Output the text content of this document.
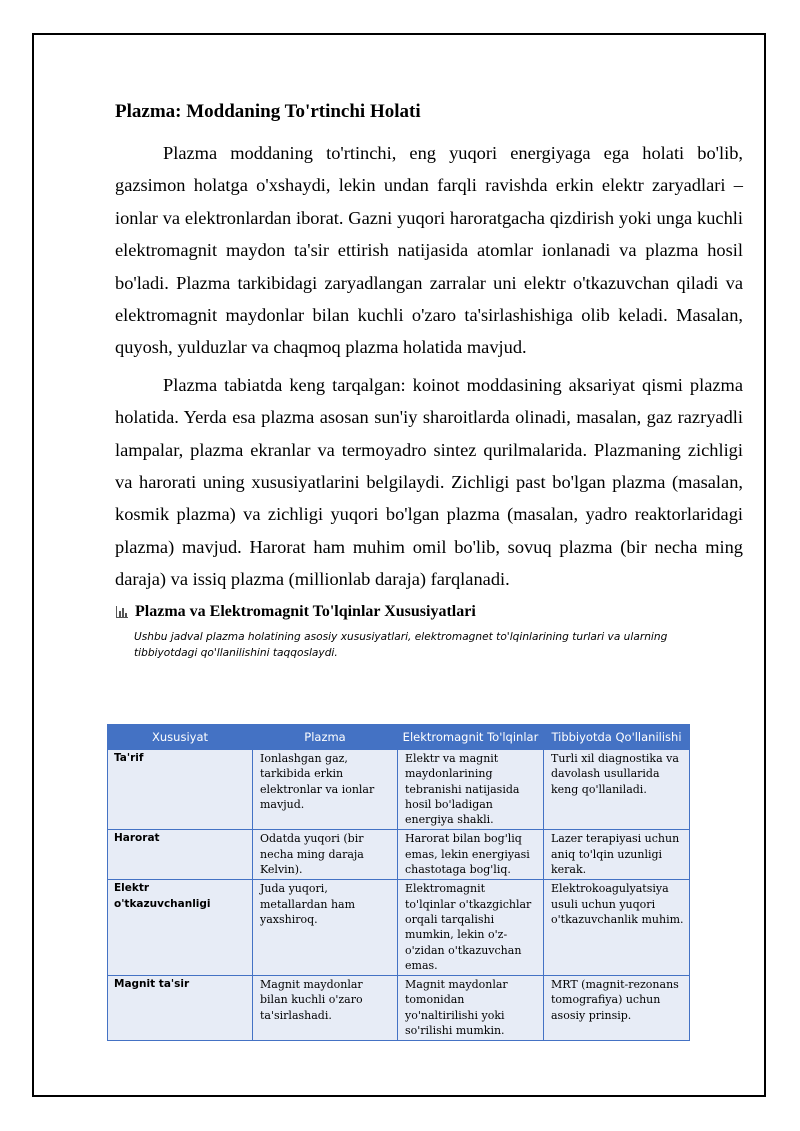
Plazma: Moddaning To'rtinchi Holati

Plazma moddaning to'rtinchi, eng yuqori energiyaga ega holati bo'lib, gazsimon holatga o'xshaydi, lekin undan farqli ravishda erkin elektr zaryadlari – ionlar va elektronlardan iborat. Gazni yuqori haroratgacha qizdirish yoki unga kuchli elektromagnit maydon ta'sir ettirish natijasida atomlar ionlanadi va plazma hosil bo'ladi. Plazma tarkibidagi zaryadlangan zarralar uni elektr o'tkazuvchan qiladi va elektromagnit maydonlar bilan kuchli o'zaro ta'sirlashishiga olib keladi. Masalan, quyosh, yulduzlar va chaqmoq plazma holatida mavjud.

Plazma tabiatda keng tarqalgan: koinot moddasining aksariyat qismi plazma holatida. Yerda esa plazma asosan sun'iy sharoitlarda olinadi, masalan, gaz razryadli lampalar, plazma ekranlar va termoyadro sintez qurilmalarida. Plazmaning zichligi va harorati uning xususiyatlarini belgilaydi. Zichligi past bo'lgan plazma (masalan, kosmik plazma) va zichligi yuqori bo'lgan plazma (masalan, yadro reaktorlaridagi plazma) mavjud. Harorat ham muhim omil bo'lib, sovuq plazma (bir necha ming daraja) va issiq plazma (millionlab daraja) farqlanadi.

Plazma va Elektromagnit To'lqinlar Xususiyatlari
Ushbu jadval plazma holatining asosiy xususiyatlari, elektromagnet to'lqinlarining turlari va ularning tibbiyotdagi qo'llanilishini taqqoslaydi.
Xususiyat	Plazma	Elektromagnit To'lqinlar	Tibbiyotda Qo'llanilishi
Ta'rif	Ionlashgan gaz, tarkibida erkin elektronlar va ionlar mavjud.	Elektr va magnit maydonlarining tebranishi natijasida hosil bo'ladigan energiya shakli.	Turli xil diagnostika va davolash usullarida keng qo'llaniladi.
Harorat	Odatda yuqori (bir necha ming daraja Kelvin).	Harorat bilan bog'liq emas, lekin energiyasi chastotaga bog'liq.	Lazer terapiyasi uchun aniq to'lqin uzunligi kerak.
Elektr o'tkazuvchanligi	Juda yuqori, metallardan ham yaxshiroq.	Elektromagnit to'lqinlar o'tkazgichlar orqali tarqalishi mumkin, lekin o'z-o'zidan o'tkazuvchan emas.	Elektrokoagulyatsiya usuli uchun yuqori o'tkazuvchanlik muhim.
Magnit ta'sir	Magnit maydonlar bilan kuchli o'zaro ta'sirlashadi.	Magnit maydonlar tomonidan yo'naltirilishi yoki so'rilishi mumkin.	MRT (magnit-rezonans tomografiya) uchun asosiy prinsip.
